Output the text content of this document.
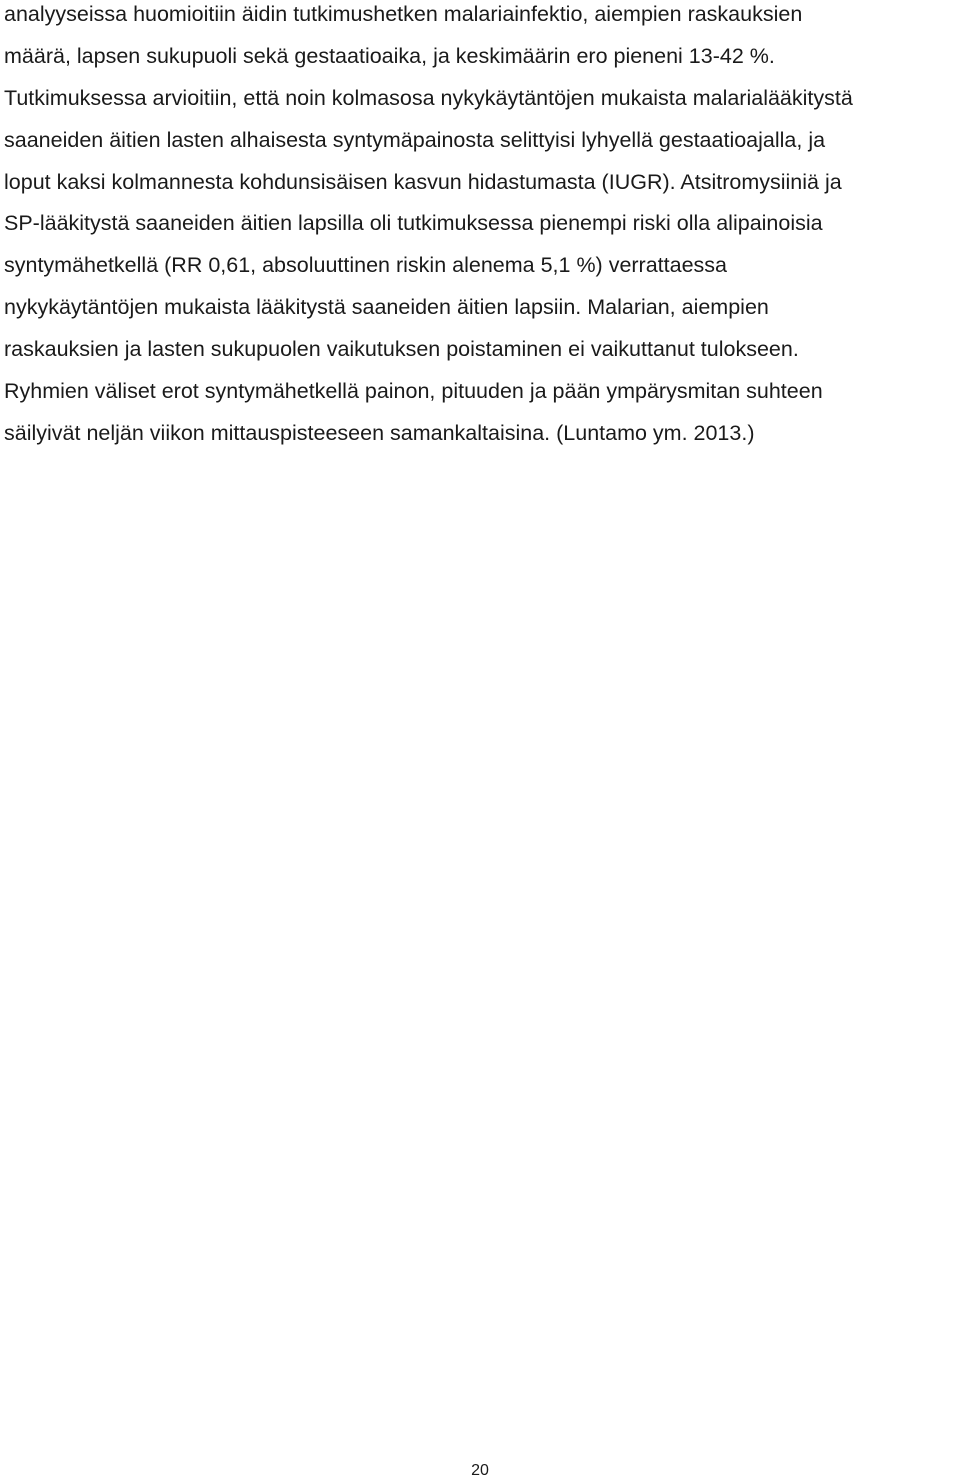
analyyseissa huomioitiin äidin tutkimushetken malariainfektio, aiempien raskauksien
määrä, lapsen sukupuoli sekä gestaatioaika, ja keskimäärin ero pieneni 13-42 %.
Tutkimuksessa arvioitiin, että noin kolmasosa nykykäytäntöjen mukaista malarialääkitystä
saaneiden äitien lasten alhaisesta syntymäpainosta selittyisi lyhyellä gestaatioajalla, ja
loput kaksi kolmannesta kohdunsisäisen kasvun hidastumasta (IUGR). Atsitromysiiniä ja
SP-lääkitystä saaneiden äitien lapsilla oli tutkimuksessa pienempi riski olla alipainoisia
syntymähetkellä (RR 0,61, absoluuttinen riskin alenema 5,1 %) verrattaessa
nykykäytäntöjen mukaista lääkitystä saaneiden äitien lapsiin. Malarian, aiempien
raskauksien ja lasten sukupuolen vaikutuksen poistaminen ei vaikuttanut tulokseen.
Ryhmien väliset erot syntymähetkellä painon, pituuden ja pään ympärysmitan suhteen
säilyivät neljän viikon mittauspisteeseen samankaltaisina. (Luntamo ym. 2013.)
20
